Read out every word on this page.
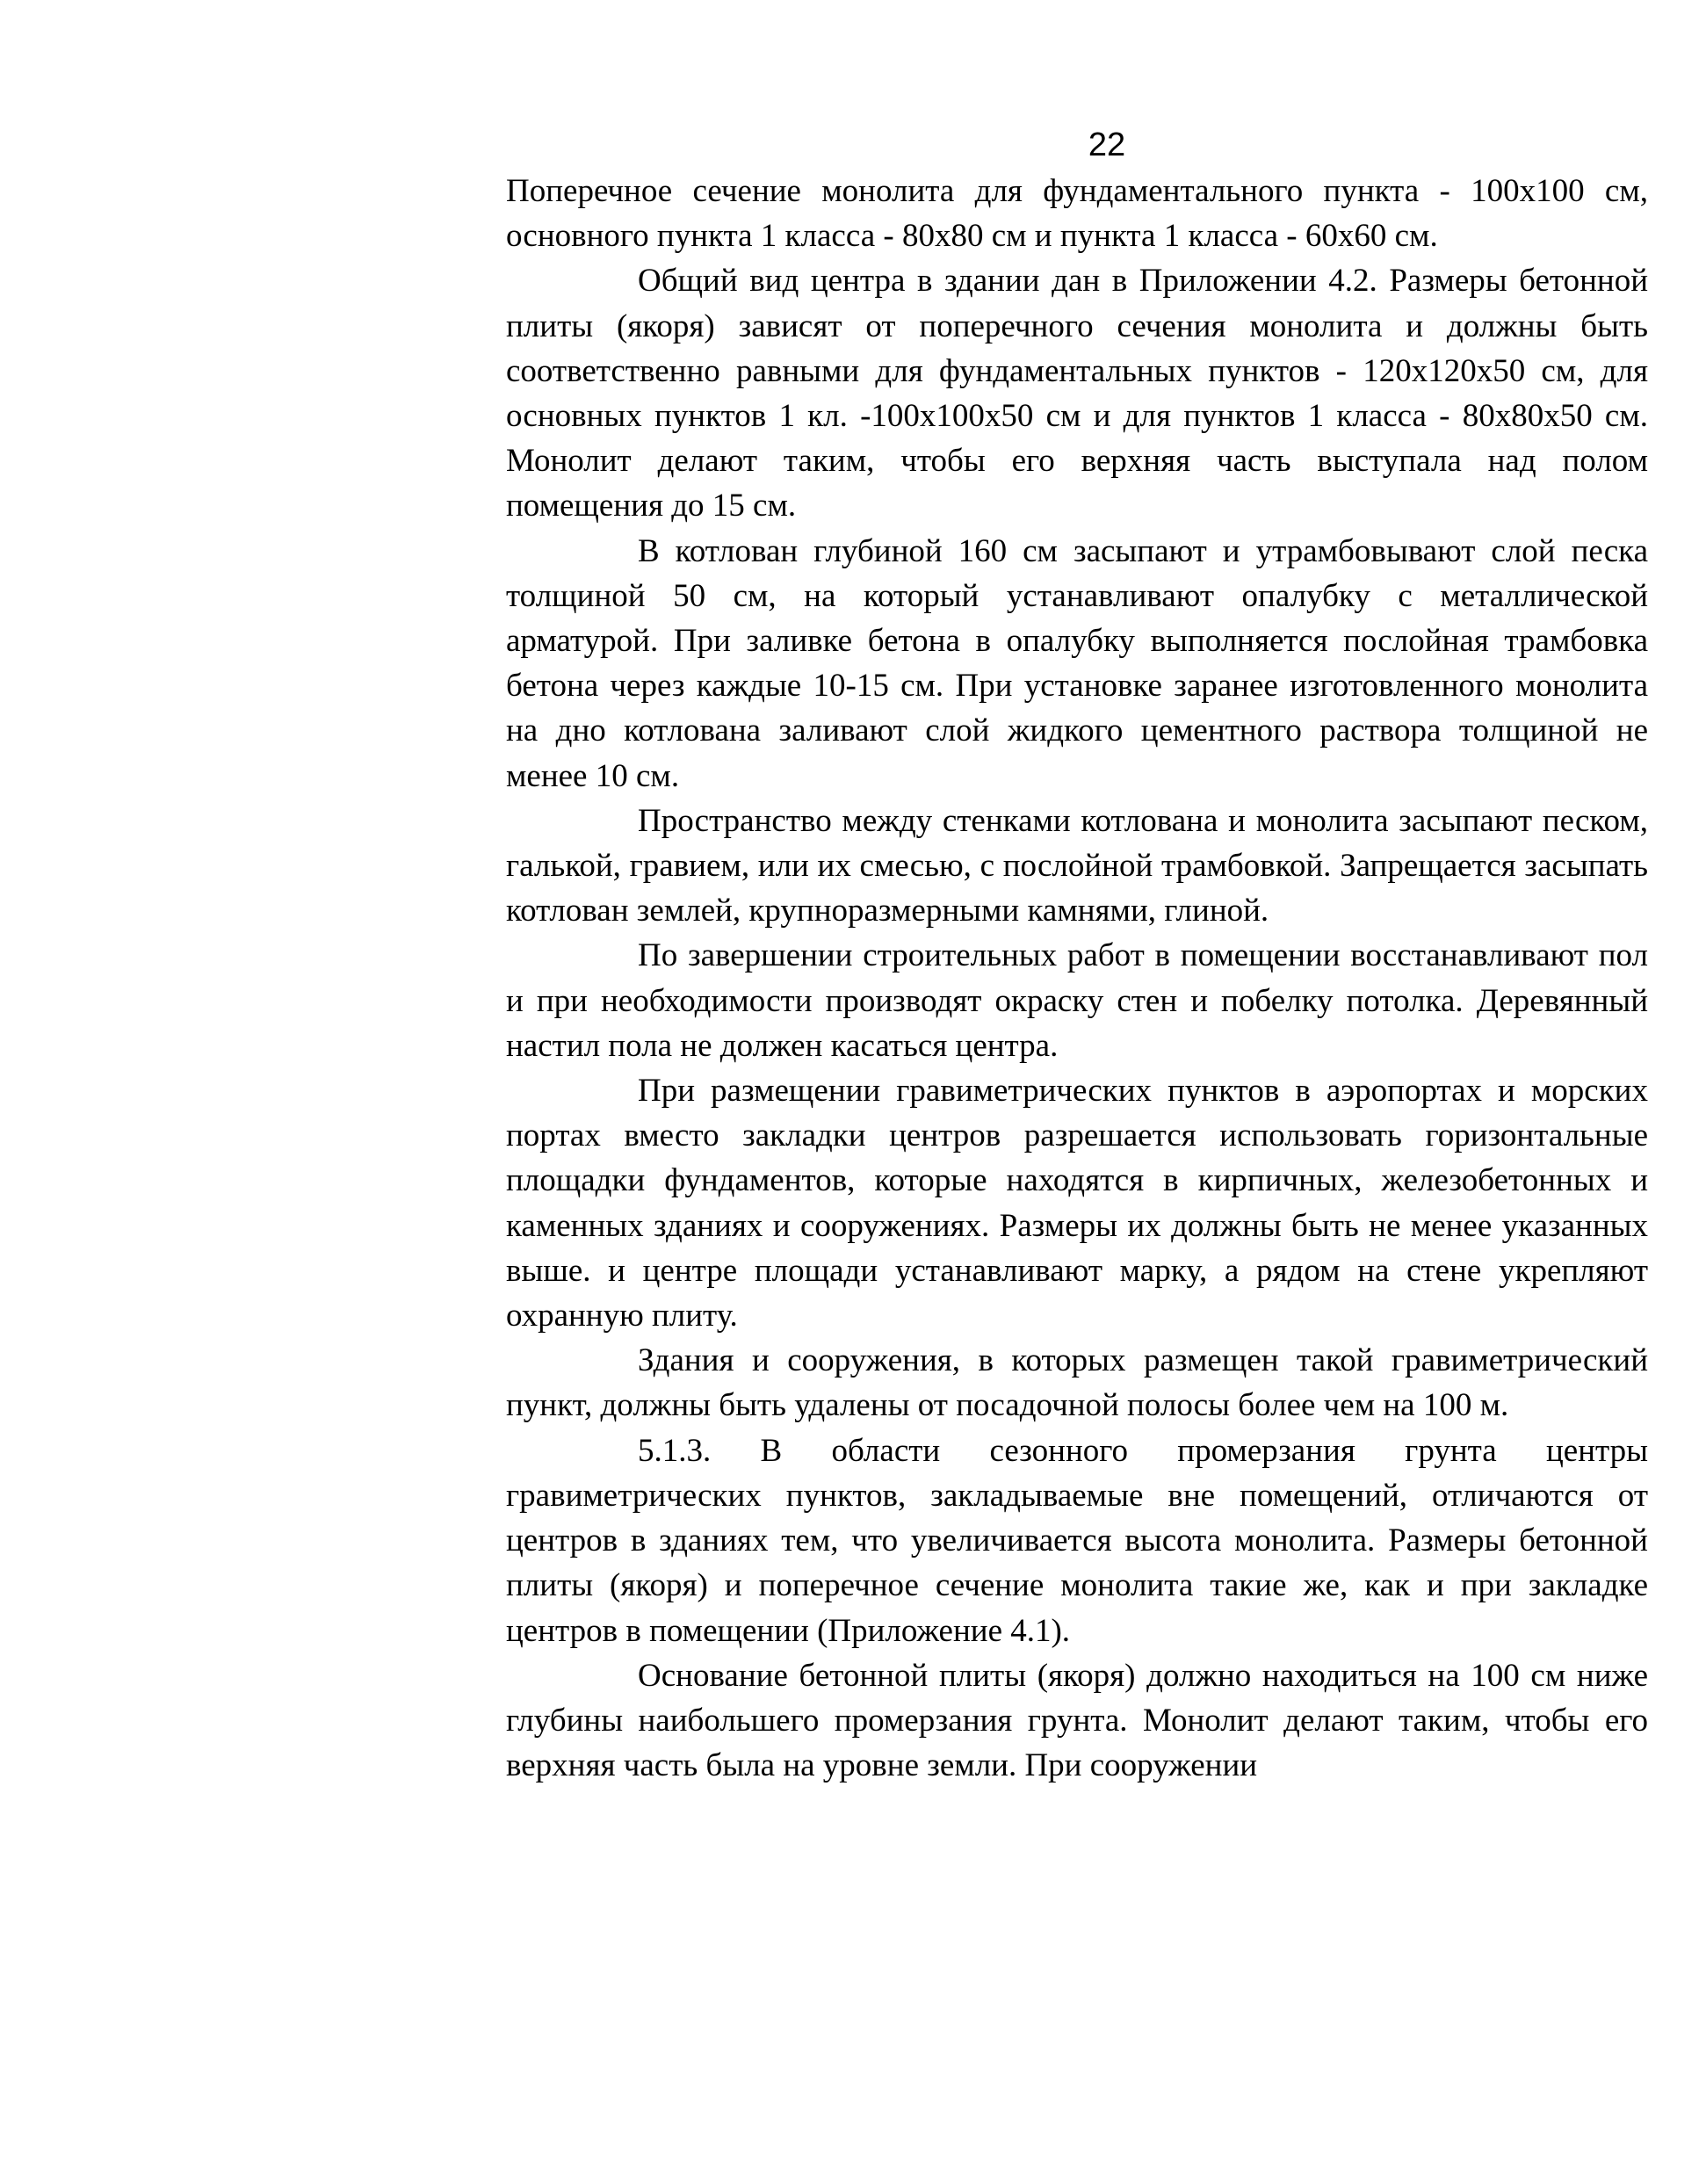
22

Поперечное сечение монолита для фундаментального пункта - 100x100 см, основного пункта 1 класса - 80x80 см и пункта 1 класса - 60x60 см.

Общий вид центра в здании дан в Приложении 4.2. Размеры бетонной плиты (якоря) зависят от поперечного сечения монолита и должны быть соответственно равными для фундаментальных пунктов - 120x120x50 см, для основных пунктов 1 кл. -100x100x50 см и для пунктов 1 класса - 80x80x50 см. Монолит делают таким, чтобы его верхняя часть выступала над полом помещения до 15 см.

В котлован глубиной 160 см засыпают и утрамбовывают слой песка толщиной 50 см, на который устанавливают опалубку с металлической арматурой. При заливке бетона в опалубку выполняется послойная трамбовка бетона через каждые 10-15 см. При установке заранее изготовленного монолита на дно котлована заливают слой жидкого цементного раствора толщиной не менее 10 см.

Пространство между стенками котлована и монолита засыпают песком, галькой, гравием, или их смесью, с послойной трамбовкой. Запрещается засыпать котлован землей, крупноразмерными камнями, глиной.

По завершении строительных работ в помещении восстанавливают пол и при необходимости производят окраску стен и побелку потолка. Деревянный настил пола не должен касаться центра.

При размещении гравиметрических пунктов в аэропортах и морских портах вместо закладки центров разрешается использовать горизонтальные площадки фундаментов, которые находятся в кирпичных, железобетонных и каменных зданиях и сооружениях. Размеры их должны быть не менее указанных выше. и центре площади устанавливают марку, а рядом на стене укрепляют охранную плиту.

Здания и сооружения, в которых размещен такой гравиметрический пункт, должны быть удалены от посадочной полосы более чем на 100 м.

5.1.3. В области сезонного промерзания грунта центры гравиметрических пунктов, закладываемые вне помещений, отличаются от центров в зданиях тем, что увеличивается высота монолита. Размеры бетонной плиты (якоря) и поперечное сечение монолита такие же, как и при закладке центров в помещении (Приложение 4.1).

Основание бетонной плиты (якоря) должно находиться на 100 см ниже глубины наибольшего промерзания грунта. Монолит делают таким, чтобы его верхняя часть была на уровне земли. При сооружении
